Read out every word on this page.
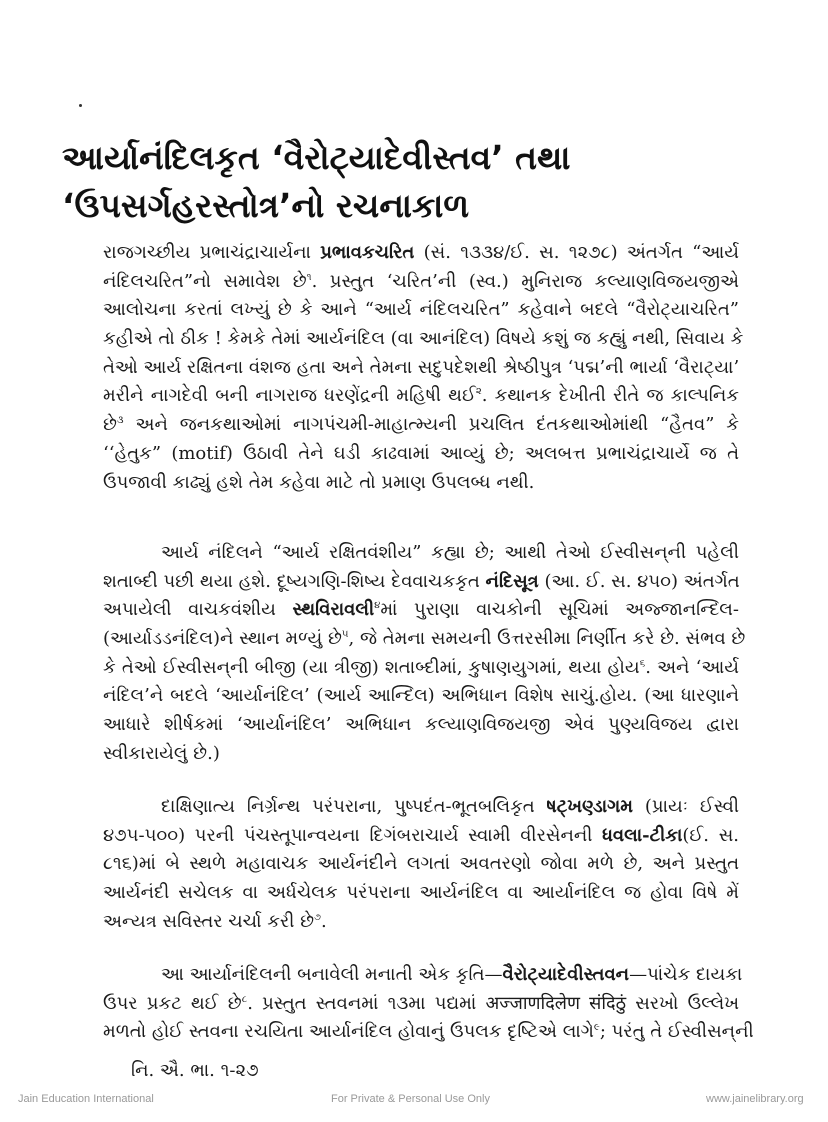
આર્યાનંદિલકૃત ‘વૈરોટ્યાદેવીસ્તવ’ તથા
‘ઉપસર્ગહરસ્તોત્ર’નો રચનાકાળ
રાજગચ્છીય પ્રભાચંદ્રાચાર્યના પ્રભાવકચરિત (સં. ૧૩૩૪/ઈ. સ. ૧૨૭૮) અંતર્ગત “આર્ય
નંદિલચરિત”નો સમાવેશ છે$^૧$. પ્રસ્તુત ‘ચરિત’ની (સ્વ.) મુનિરાજ કલ્યાણવિજયજીએ
આલોચના કરતાં લખ્યું છે કે આને “આર્ય નંદિલચરિત” કહેવાને બદલે “વૈરોટ્યાચરિત”
કહીએ તો ઠીક ! કેમકે તેમાં આર્યનંદિલ (વા આનંદિલ) વિષયે કશું જ કહ્યું નથી, સિવાય કે
તેઓ આર્ય રક્ષિતના વંશજ હતા અને તેમના સદુપદેશથી શ્રેષ્ઠીપુત્ર ‘પદ્મ’ની ભાર્યા ‘વૈરાટ્યા’
મરીને નાગદેવી બની નાગરાજ ધરણેંદ્રની મહિષી થઈ$^૨$. કથાનક દેખીતી રીતે જ કાલ્પનિક
છે$^૩$ અને જનકથાઓમાં નાગપંચમી-માહાત્મ્યની પ્રચલિત દંતકથાઓમાંથી “હૈતવ” કે
‘‘હેતુક” (motif) ઉઠાવી તેને ઘડી કાઢવામાં આવ્યું છે; અલબત્ત પ્રભાચંદ્રાચાર્યે જ તે
ઉપજાવી કાઢ્યું હશે તેમ કહેવા માટે તો પ્રમાણ ઉપલબ્ધ નથી.
આર્ય નંદિલને “આર્ય રક્ષિતવંશીય” કહ્યા છે; આથી તેઓ ઈસ્વીસન્‌ની પહેલી
શતાબ્દી પછી થયા હશે. દૂષ્યગણિ-શિષ્ય દેવવાચકકૃત નંદિસૂત્ર (આ. ઈ. સ. ૪૫૦) અંતર્ગત
અપાયેલી વાચકવંશીય સ્થવિરાવલી$^૪$માં પુરાણા વાચકોની સૂચિમાં અજ્જાનન્દિલ-
(આર્યાડડનંદિલ)ને સ્થાન મળ્યું છે$^૫$, જે તેમના સમયની ઉત્તરસીમા નિર્ણીત કરે છે. સંભવ છે
કે તેઓ ઈસ્વીસન્‌ની બીજી (યા ત્રીજી) શતાબ્દીમાં, કુષાણયુગમાં, થયા હોય$^૬$. અને ‘આર્ય
નંદિલ’ને બદલે ‘આર્યાનંદિલ’ (આર્ય આન્દિલ) અભિધાન વિશેષ સાચું.હોય. (આ ધારણાને
આધારે શીર્ષકમાં ‘આર્યાનંદિલ’ અભિધાન કલ્યાણવિજયજી એવં પુણ્યવિજય દ્વારા
સ્વીકારાયેલું છે.)
દાક્ષિણાત્ય નિર્ગ્રન્થ પરંપરાના, પુષ્પદંત-ભૂતબલિકૃત ષટ્‌ખણ્ડાગમ (પ્રાયઃ ઈસ્વી
૪૭૫-૫૦૦) પરની પંચસ્તૂપાન્વયના દિગંબરાચાર્ય સ્વામી વીરસેનની ધવલા-ટીકા(ઈ. સ.
૮૧૬)માં બે સ્થળે મહાવાચક આર્યનંદીને લગતાં અવતરણો જોવા મળે છે, અને પ્રસ્તુત
આર્યનંદી સચેલક વા અર્ધચેલક પરંપરાના આર્યનંદિલ વા આર્યાનંદિલ જ હોવા વિષે મેં
અન્યત્ર સવિસ્તર ચર્ચા કરી છે$^૭$.
આ આર્યાનંદિલની બનાવેલી મનાતી એક કૃતિ—વૈરોટ્યાદેવીસ્તવન—પાંચેક દાયકા
ઉપર પ્રકટ થઈ છે$^૮$. પ્રસ્તુત સ્તવનમાં ૧૩મા પદ્યમાં अज्जाणदिलेण संदिठुं સરખો ઉલ્લેખ
મળતો હોઈ સ્તવના રચયિતા આર્યાનંદિલ હોવાનું ઉપલક દૃષ્ટિએ લાગે$^૯$; પરંતુ તે ઈસ્વીસન્‌ની
નિ. ઐ. ભા. ૧-૨૭
Jain Education International	For Private & Personal Use Only	www.jainelibrary.org
